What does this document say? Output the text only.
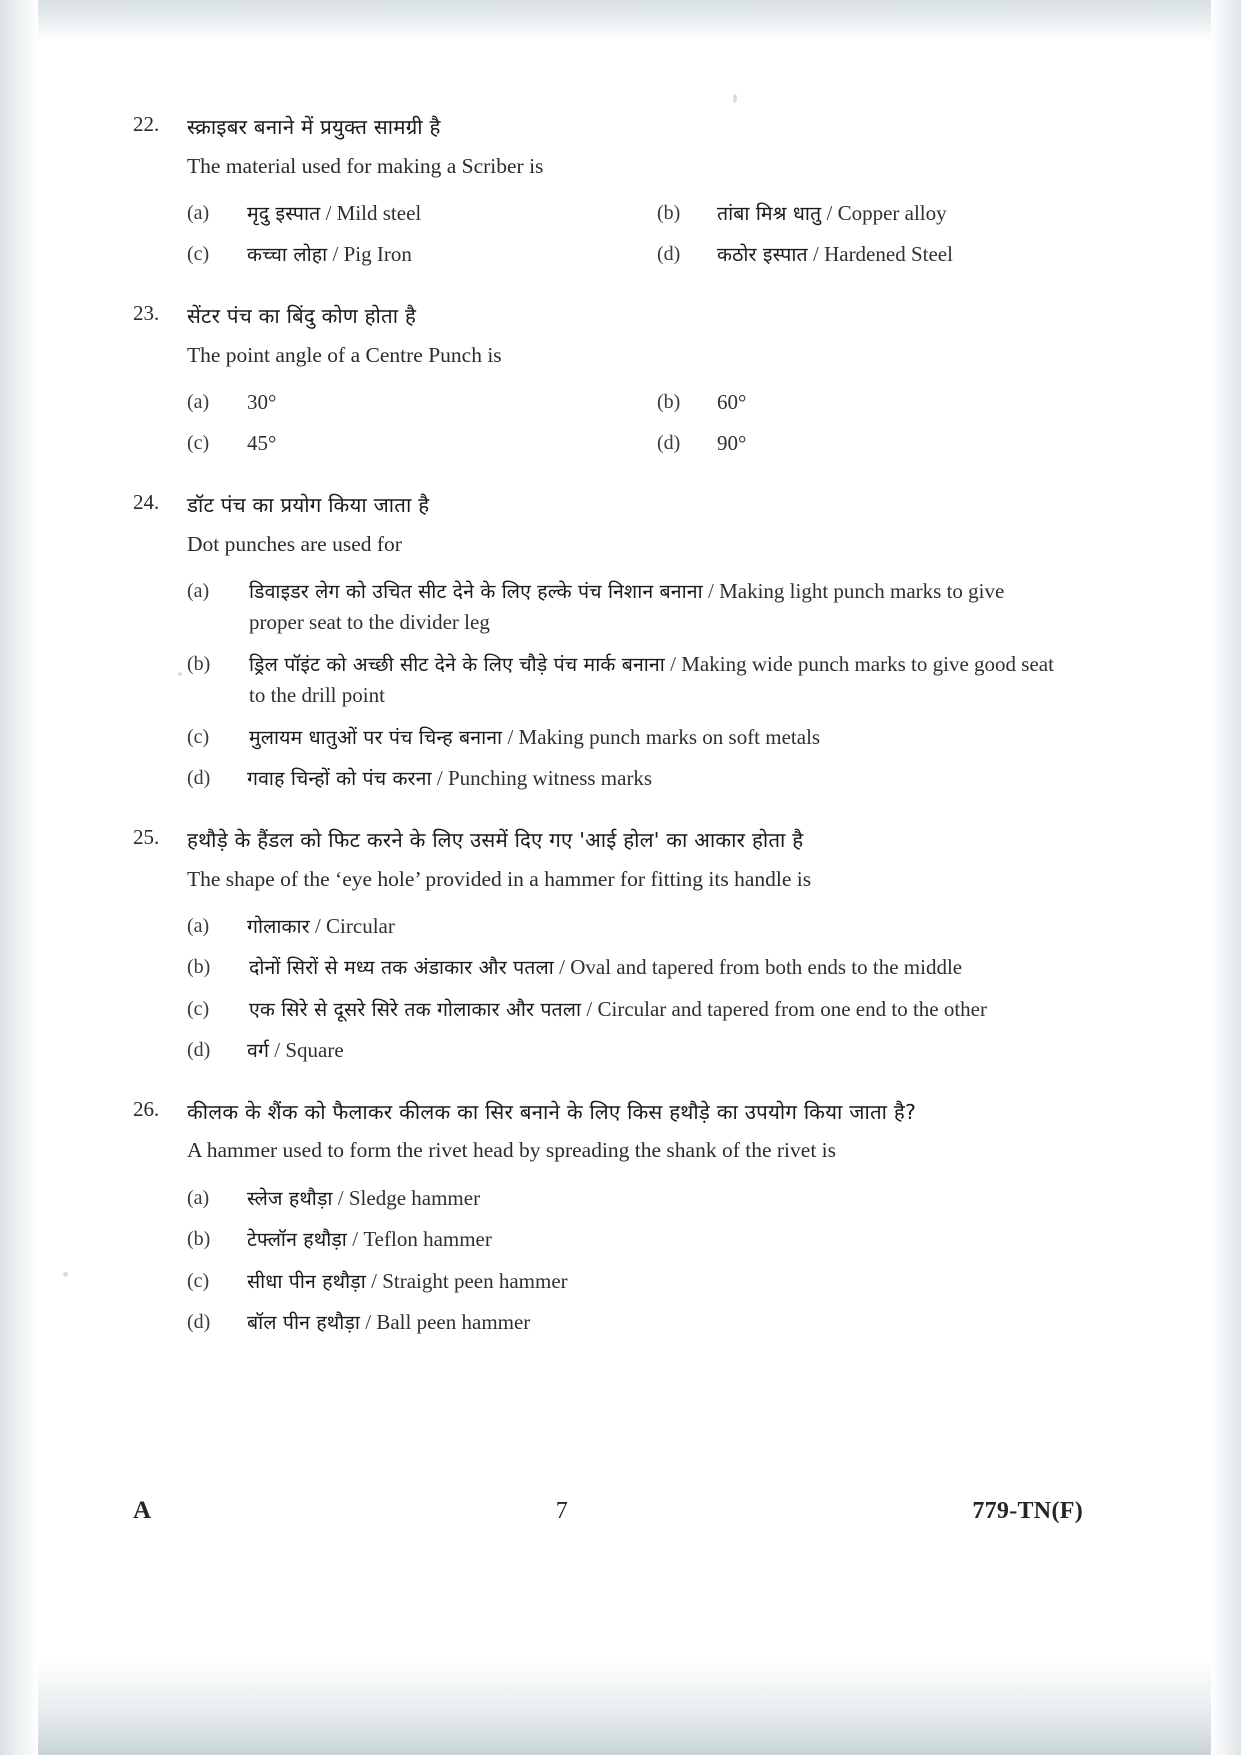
22.	स्क्राइबर बनाने में प्रयुक्त सामग्री है
The material used for making a Scriber is
(a) मृदु इस्पात / Mild steel	(b) तांबा मिश्र धातु / Copper alloy
(c) कच्चा लोहा / Pig Iron	(d) कठोर इस्पात / Hardened Steel
23.	सेंटर पंच का बिंदु कोण होता है
The point angle of a Centre Punch is
(a) 30°	(b) 60°
(c) 45°	(d) 90°
24.	डॉट पंच का प्रयोग किया जाता है
Dot punches are used for
(a) डिवाइडर लेग को उचित सीट देने के लिए हल्के पंच निशान बनाना / Making light punch marks to give proper seat to the divider leg
(b) ड्रिल पॉइंट को अच्छी सीट देने के लिए चौड़े पंच मार्क बनाना / Making wide punch marks to give good seat to the drill point
(c) मुलायम धातुओं पर पंच चिन्ह बनाना / Making punch marks on soft metals
(d) गवाह चिन्हों को पंच करना / Punching witness marks
25.	हथौड़े के हैंडल को फिट करने के लिए उसमें दिए गए 'आई होल' का आकार होता है
The shape of the ‘eye hole’ provided in a hammer for fitting its handle is
(a) गोलाकार / Circular
(b) दोनों सिरों से मध्य तक अंडाकार और पतला / Oval and tapered from both ends to the middle
(c) एक सिरे से दूसरे सिरे तक गोलाकार और पतला / Circular and tapered from one end to the other
(d) वर्ग / Square
26.	कीलक के शैंक को फैलाकर कीलक का सिर बनाने के लिए किस हथौड़े का उपयोग किया जाता है?
A hammer used to form the rivet head by spreading the shank of the rivet is
(a) स्लेज हथौड़ा / Sledge hammer
(b) टेफ्लॉन हथौड़ा / Teflon hammer
(c) सीधा पीन हथौड़ा / Straight peen hammer
(d) बॉल पीन हथौड़ा / Ball peen hammer
A	7	779-TN(F)
